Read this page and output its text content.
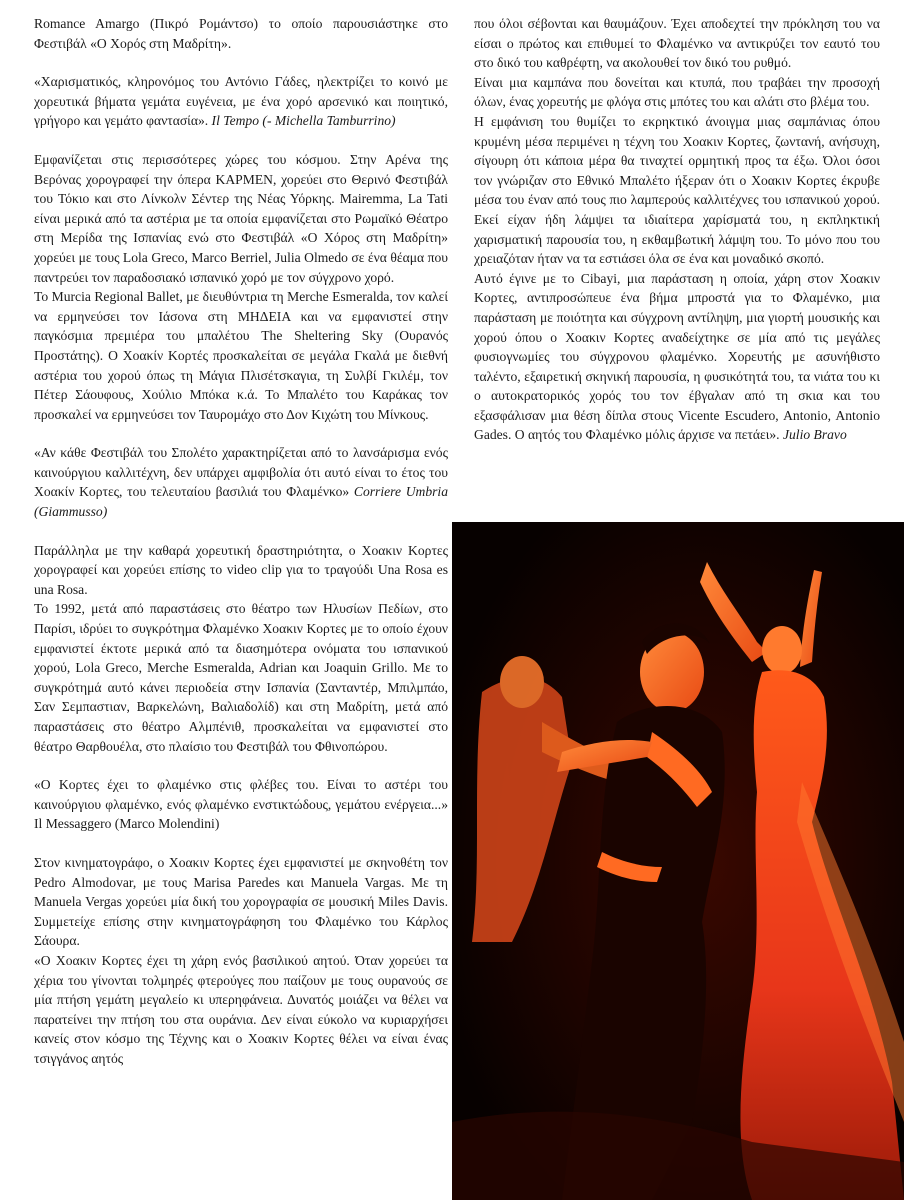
Romance Amargo (Πικρό Ρομάντσο) το οποίο παρουσιάστηκε στο Φεστιβάλ «Ο Χορός στη Μαδρίτη».

«Χαρισματικός, κληρονόμος του Αντόνιο Γάδες, ηλεκτρίζει το κοινό με χορευτικά βήματα γεμάτα ευγένεια, με ένα χορό αρσενικό και ποιητικό, γρήγορο και γεμάτο φαντασία». Il Tempo (- Michella Tamburrino)

Εμφανίζεται στις περισσότερες χώρες του κόσμου. Στην Αρένα της Βερόνας χορογραφεί την όπερα ΚΑΡΜΕΝ, χορεύει στο Θερινό Φεστιβάλ του Τόκιο και στο Λίνκολν Σέντερ της Νέας Υόρκης. Mairemma, La Tati είναι μερικά από τα αστέρια με τα οποία εμφανίζεται στο Ρωμαϊκό Θέατρο στη Μερίδα της Ισπανίας ενώ στο Φεστιβάλ «Ο Χόρος στη Μαδρίτη» χορεύει με τους Lola Greco, Marco Berriel, Julia Olmedo σε ένα θέαμα που παντρεύει τον παραδοσιακό ισπανικό χορό με τον σύγχρονο χορό.

Το Murcia Regional Ballet, με διευθύντρια τη Merche Esmeralda, τον καλεί να ερμηνεύσει τον Ιάσονα στη ΜΗΔΕΙΑ και να εμφανιστεί στην παγκόσμια πρεμιέρα του μπαλέτου The Sheltering Sky (Ουρανός Προστάτης). Ο Χοακίν Κορτές προσκαλείται σε μεγάλα Γκαλά με διεθνή αστέρια του χορού όπως τη Μάγια Πλισέτσκαγια, τη Συλβί Γκιλέμ, τον Πέτερ Σάουφους, Χούλιο Μπόκα κ.ά. Το Μπαλέτο του Καράκας τον προσκαλεί να ερμηνεύσει τον Ταυρομάχο στο Δον Κιχώτη του Μίνκους.

«Αν κάθε Φεστιβάλ του Σπολέτο χαρακτηρίζεται από το λανσάρισμα ενός καινούργιου καλλιτέχνη, δεν υπάρχει αμφιβολία ότι αυτό είναι το έτος του Χοακίν Κορτες, του τελευταίου βασιλιά του Φλαμένκο» Corriere Umbria (Giammusso)

Παράλληλα με την καθαρά χορευτική δραστηριότητα, ο Χοακιν Κορτες χορογραφεί και χορεύει επίσης το video clip για το τραγούδι Una Rosa es una Rosa.

Το 1992, μετά από παραστάσεις στο θέατρο των Ηλυσίων Πεδίων, στο Παρίσι, ιδρύει το συγκρότημα Φλαμένκο Χοακιν Κορτες με το οποίο έχουν εμφανιστεί έκτοτε μερικά από τα διασημότερα ονόματα του ισπανικού χορού, Lola Greco, Merche Esmeralda, Adrian και Joaquin Grillo. Με το συγκρότημά αυτό κάνει περιοδεία στην Ισπανία (Σανταντέρ, Μπιλμπάο, Σαν Σεμπαστιαν, Βαρκελώνη, Βαλιαδολίδ) και στη Μαδρίτη, μετά από παραστάσεις στο θέατρο Αλμπένιθ, προσκαλείται να εμφανιστεί στο θέατρο Θαρθουέλα, στο πλαίσιο του Φεστιβάλ του Φθινοπώρου.

«Ο Κορτες έχει το φλαμένκο στις φλέβες του. Είναι το αστέρι του καινούργιου φλαμένκο, ενός φλαμένκο ενστικτώδους, γεμάτου ενέργεια...» Il Messaggero (Marco Molendini)

Στον κινηματογράφο, ο Χοακιν Κορτες έχει εμφανιστεί με σκηνοθέτη τον Pedro Almodovar, με τους Marisa Paredes και Manuela Vargas. Με τη Manuela Vergas χορεύει μία δική του χορογραφία σε μουσική Miles Davis. Συμμετείχε επίσης στην κινηματογράφηση του Φλαμένκο του Κάρλος Σάουρα.

«Ο Χοακιν Κορτες έχει τη χάρη ενός βασιλικού αητού. Όταν χορεύει τα χέρια του γίνονται τολμηρές φτερούγες που παίζουν με τους ουρανούς σε μία πτήση γεμάτη μεγαλείο κι υπερηφάνεια. Δυνατός μοιάζει να θέλει να παρατείνει την πτήση του στα ουράνια. Δεν είναι εύκολο να κυριαρχήσει κανείς στον κόσμο της Τέχνης και ο Χοακιν Κορτες θέλει να είναι ένας τσιγγάνος αητός

που όλοι σέβονται και θαυμάζουν. Έχει αποδεχτεί την πρόκληση του να είσαι ο πρώτος και επιθυμεί το Φλαμένκο να αντικρύζει τον εαυτό του στο δικό του καθρέφτη, να ακολουθεί τον δικό του ρυθμό.

Είναι μια καμπάνα που δονείται και κτυπά, που τραβάει την προσοχή όλων, ένας χορευτής με φλόγα στις μπότες του και αλάτι στο βλέμα του.

Η εμφάνιση του θυμίζει το εκρηκτικό άνοιγμα μιας σαμπάνιας όπου κρυμένη μέσα περιμένει η τέχνη του Χοακιν Κορτες, ζωντανή, ανήσυχη, σίγουρη ότι κάποια μέρα θα τιναχτεί ορμητική προς τα έξω. Όλοι όσοι τον γνώριζαν στο Εθνικό Μπαλέτο ήξεραν ότι ο Χοακιν Κορτες έκρυβε μέσα του έναν από τους πιο λαμπερούς καλλιτέχνες του ισπανικού χορού. Εκεί είχαν ήδη λάμψει τα ιδιαίτερα χαρίσματά του, η εκπληκτική χαρισματική παρουσία του, η εκθαμβωτική λάμψη του. Το μόνο που του χρειαζόταν ήταν να τα εστιάσει όλα σε ένα και μοναδικό σκοπό.

Αυτό έγινε με το Cibayi, μια παράσταση η οποία, χάρη στον Χοακιν Κορτες, αντιπροσώπευε ένα βήμα μπροστά για το Φλαμένκο, μια παράσταση με ποιότητα και σύγχρονη αντίληψη, μια γιορτή μουσικής και χορού όπου ο Χοακιν Κορτες αναδείχτηκε σε μία από τις μεγάλες φυσιογνωμίες του σύγχρονου φλαμένκο. Χορευτής με ασυνήθιστο ταλέντο, εξαιρετική σκηνική παρουσία, η φυσικότητά του, τα νιάτα του κι ο αυτοκρατορικός χορός του τον έβγαλαν από τη σκια και του εξασφάλισαν μια θέση δίπλα στους Vicente Escudero, Antonio, Antonio Gades. Ο αητός του Φλαμένκο μόλις άρχισε να πετάει». Julio Bravo
